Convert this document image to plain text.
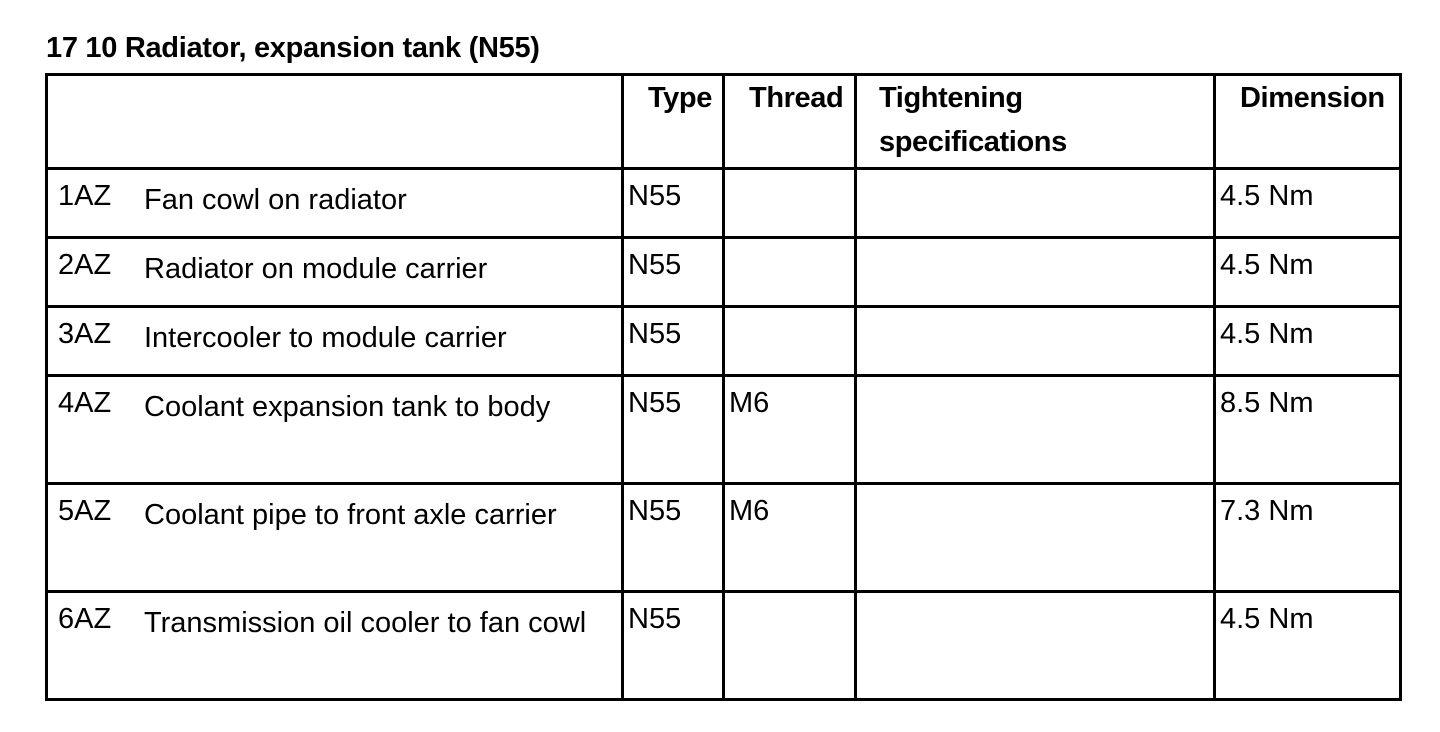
17 10 Radiator, expansion tank (N55)
	Type	Thread	Tightening specifications	Dimension

1AZ Fan cowl on radiator	N55			4.5 Nm

2AZ Radiator on module carrier	N55			4.5 Nm

3AZ Intercooler to module carrier	N55			4.5 Nm

4AZ Coolant expansion tank to body	N55	M6		8.5 Nm

5AZ Coolant pipe to front axle carrier	N55	M6		7.3 Nm

6AZ Transmission oil cooler to fan cowl	N55			4.5 Nm
